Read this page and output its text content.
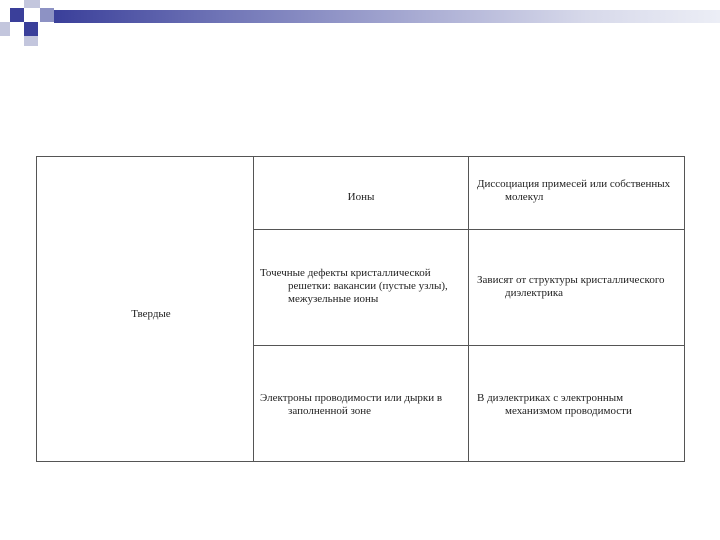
Твердые
Ионы
Диссоциация примесей или собственных молекул
Точечные дефекты кристаллической решетки: вакансии (пустые узлы), межузельные ионы
Зависят от структуры кристаллического диэлектрика
Электроны проводимости или дырки в заполненной зоне
В диэлектриках с электронным механизмом проводимости
